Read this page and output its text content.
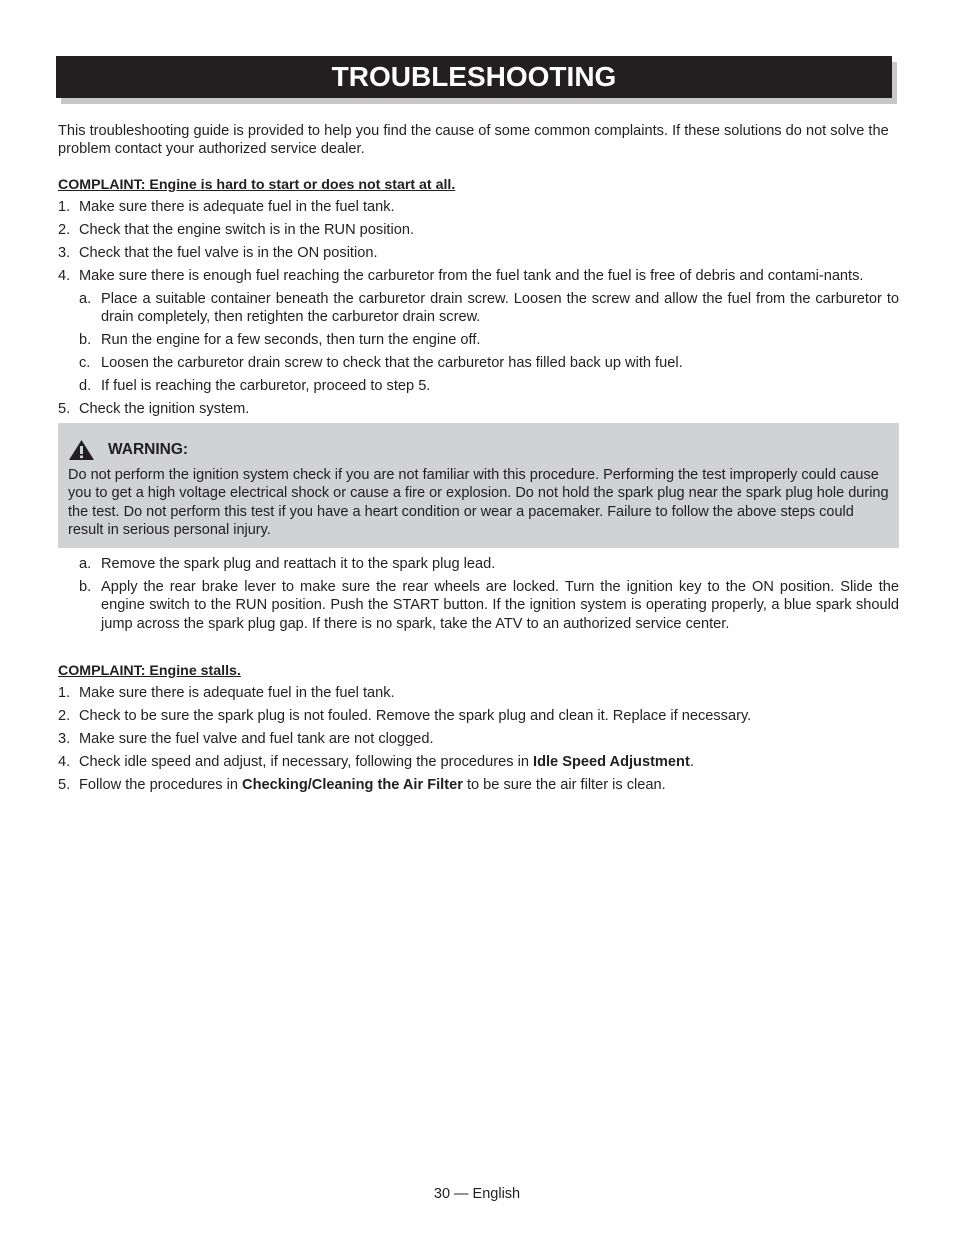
TROUBLESHOOTING

This troubleshooting guide is provided to help you find the cause of some common complaints. If these solutions do not solve the problem contact your authorized service dealer.

COMPLAINT: Engine is hard to start or does not start at all.
1. Make sure there is adequate fuel in the fuel tank.
2. Check that the engine switch is in the RUN position.
3. Check that the fuel valve is in the ON position.
4. Make sure there is enough fuel reaching the carburetor from the fuel tank and the fuel is free of debris and contami-nants.
a. Place a suitable container beneath the carburetor drain screw. Loosen the screw and allow the fuel from the carburetor to drain completely, then retighten the carburetor drain screw.
b. Run the engine for a few seconds, then turn the engine off.
c. Loosen the carburetor drain screw to check that the carburetor has filled back up with fuel.
d. If fuel is reaching the carburetor, proceed to step 5.
5. Check the ignition system.
WARNING:
Do not perform the ignition system check if you are not familiar with this procedure. Performing the test improperly could cause you to get a high voltage electrical shock or cause a fire or explosion. Do not hold the spark plug near the spark plug hole during the test. Do not perform this test if you have a heart condition or wear a pacemaker. Failure to follow the above steps could result in serious personal injury.
a. Remove the spark plug and reattach it to the spark plug lead.
b. Apply the rear brake lever to make sure the rear wheels are locked. Turn the ignition key to the ON position. Slide the engine switch to the RUN position. Push the START button. If the ignition system is operating properly, a blue spark should jump across the spark plug gap. If there is no spark, take the ATV to an authorized service center.
COMPLAINT: Engine stalls.
1. Make sure there is adequate fuel in the fuel tank.
2. Check to be sure the spark plug is not fouled. Remove the spark plug and clean it. Replace if necessary.
3. Make sure the fuel valve and fuel tank are not clogged.
4. Check idle speed and adjust, if necessary, following the procedures in Idle Speed Adjustment.
5. Follow the procedures in Checking/Cleaning the Air Filter to be sure the air filter is clean.
30 — English
